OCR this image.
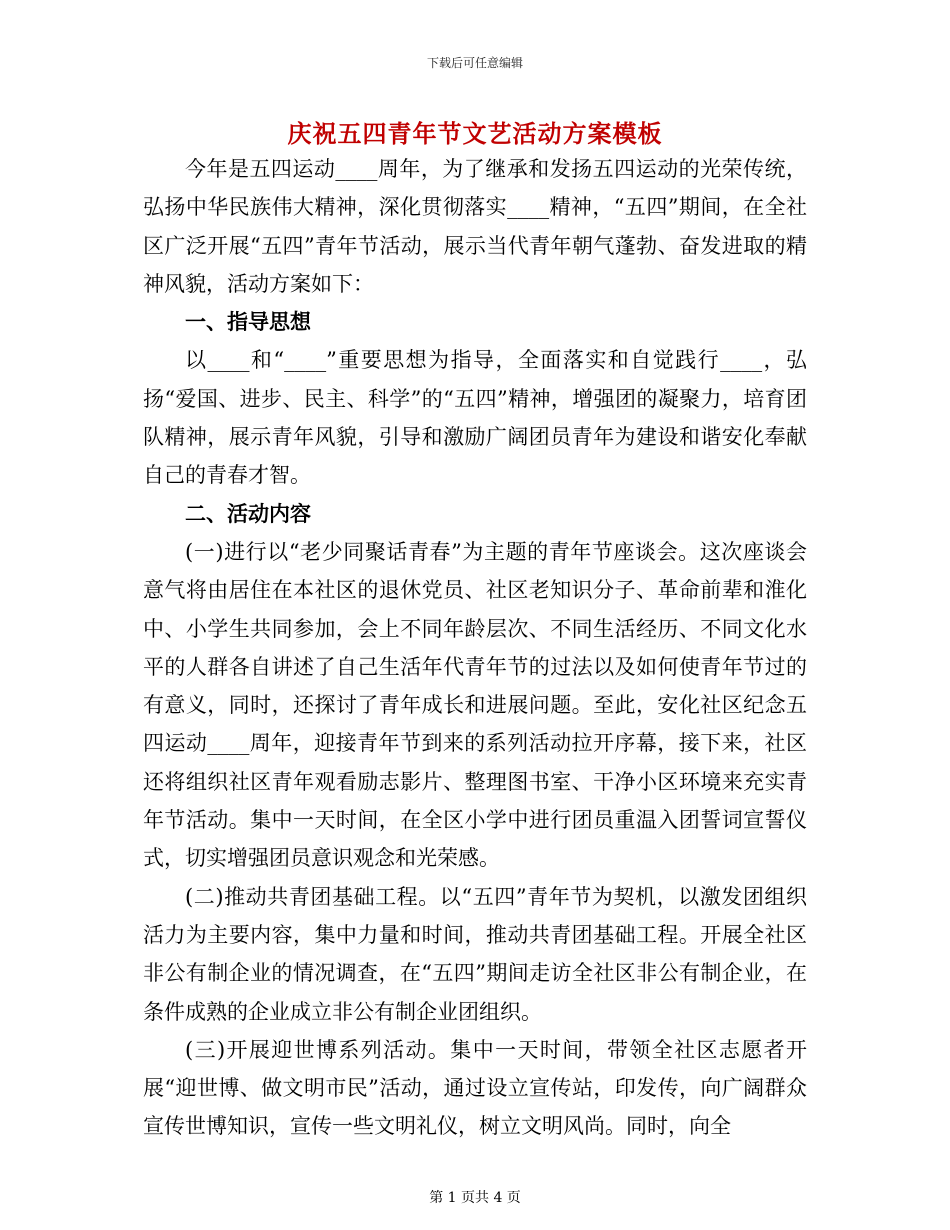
下载后可任意编辑
庆祝五四青年节文艺活动方案模板

今年是五四运动____周年，为了继承和发扬五四运动的光荣传统，弘扬中华民族伟大精神，深化贯彻落实____精神，“五四”期间，在全社区广泛开展“五四”青年节活动，展示当代青年朝气蓬勃、奋发进取的精神风貌，活动方案如下：

一、指导思想

以____和“____”重要思想为指导，全面落实和自觉践行____，弘扬“爱国、进步、民主、科学”的“五四”精神，增强团的凝聚力，培育团队精神，展示青年风貌，引导和激励广阔团员青年为建设和谐安化奉献自己的青春才智。

二、活动内容

(一)进行以“老少同聚话青春”为主题的青年节座谈会。这次座谈会意气将由居住在本社区的退休党员、社区老知识分子、革命前辈和淮化中、小学生共同参加，会上不同年龄层次、不同生活经历、不同文化水平的人群各自讲述了自己生活年代青年节的过法以及如何使青年节过的有意义，同时，还探讨了青年成长和进展问题。至此，安化社区纪念五四运动____周年，迎接青年节到来的系列活动拉开序幕，接下来，社区还将组织社区青年观看励志影片、整理图书室、干净小区环境来充实青年节活动。集中一天时间，在全区小学中进行团员重温入团誓词宣誓仪式，切实增强团员意识观念和光荣感。

(二)推动共青团基础工程。以“五四”青年节为契机，以激发团组织活力为主要内容，集中力量和时间，推动共青团基础工程。开展全社区非公有制企业的情况调查，在“五四”期间走访全社区非公有制企业，在条件成熟的企业成立非公有制企业团组织。

(三)开展迎世博系列活动。集中一天时间，带领全社区志愿者开展“迎世博、做文明市民”活动，通过设立宣传站，印发传，向广阔群众宣传世博知识，宣传一些文明礼仪，树立文明风尚。同时，向全

第 1 页共 4 页
